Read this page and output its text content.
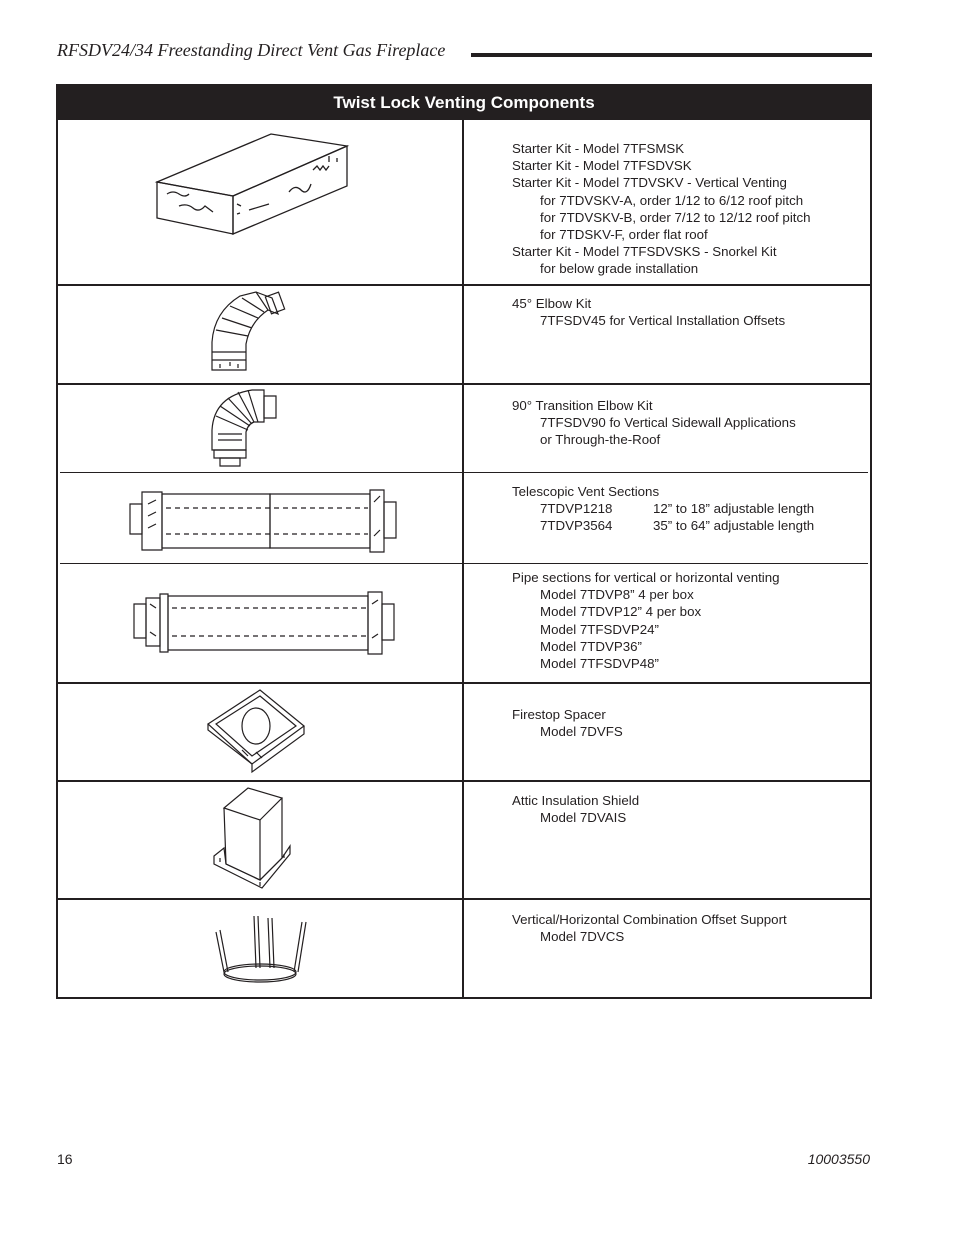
RFSDV24/34 Freestanding Direct Vent Gas Fireplace
Twist Lock Venting Components
Starter Kit - Model 7TFSMSK
Starter Kit - Model 7TFSDVSK
Starter Kit - Model 7TDVSKV - Vertical Venting
for 7TDVSKV-A, order 1/12 to 6/12 roof pitch
for 7TDVSKV-B, order 7/12 to 12/12 roof pitch
for 7TDSKV-F, order flat roof
Starter Kit - Model 7TFSDVSKS - Snorkel Kit
for below grade installation
45° Elbow Kit
7TFSDV45 for Vertical Installation Offsets
90° Transition Elbow Kit
7TFSDV90 fo Vertical Sidewall Applications
or Through-the-Roof
Telescopic Vent Sections
7TDVP1218	12” to 18” adjustable length
7TDVP3564	35” to 64” adjustable length
Pipe sections for vertical or horizontal venting
Model 7TDVP8” 4 per box
Model 7TDVP12” 4 per box
Model 7TFSDVP24”
Model 7TDVP36”
Model 7TFSDVP48”
Firestop Spacer
Model 7DVFS
Attic Insulation Shield
Model 7DVAIS
Vertical/Horizontal Combination Offset Support
Model 7DVCS
16	10003550
